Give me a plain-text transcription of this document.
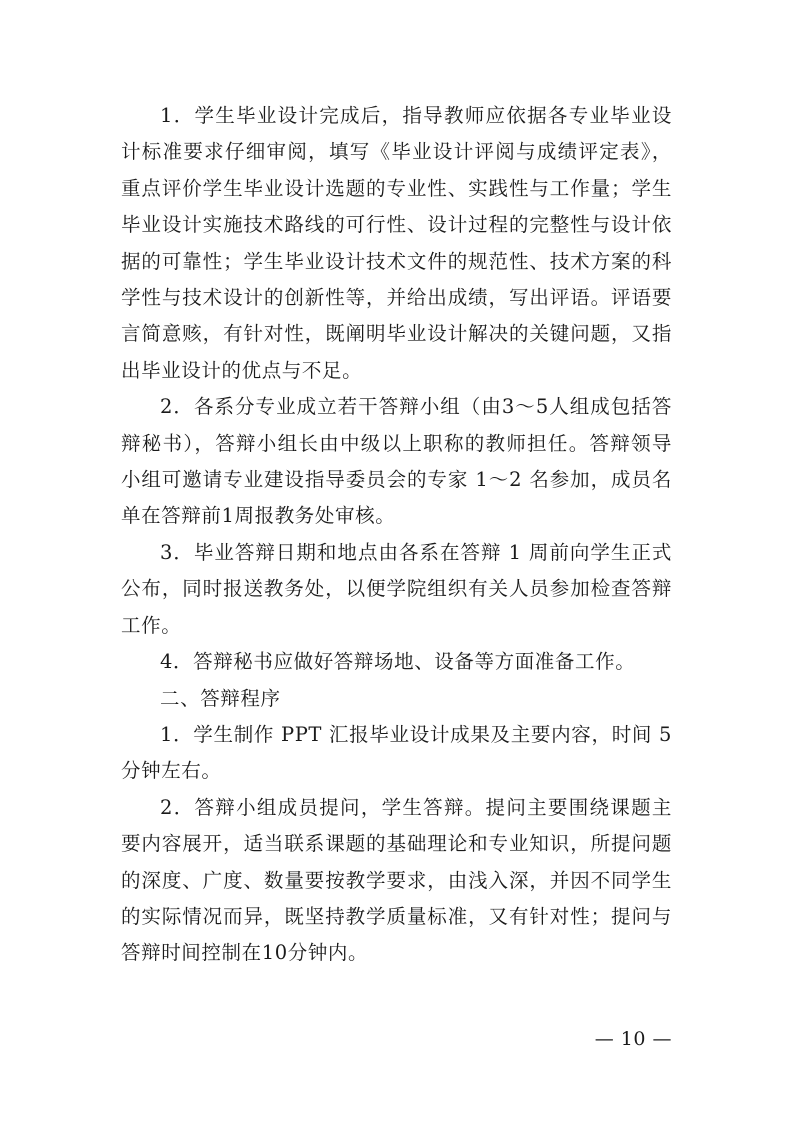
1．学生毕业设计完成后，指导教师应依据各专业毕业设计标准要求仔细审阅，填写《毕业设计评阅与成绩评定表》，重点评价学生毕业设计选题的专业性、实践性与工作量；学生毕业设计实施技术路线的可行性、设计过程的完整性与设计依据的可靠性；学生毕业设计技术文件的规范性、技术方案的科学性与技术设计的创新性等，并给出成绩，写出评语。评语要言简意赅，有针对性，既阐明毕业设计解决的关键问题，又指出毕业设计的优点与不足。

2．各系分专业成立若干答辩小组（由3～5人组成包括答辩秘书），答辩小组长由中级以上职称的教师担任。答辩领导小组可邀请专业建设指导委员会的专家 1～2 名参加，成员名单在答辩前1周报教务处审核。

3．毕业答辩日期和地点由各系在答辩 1 周前向学生正式公布，同时报送教务处，以便学院组织有关人员参加检查答辩工作。

4．答辩秘书应做好答辩场地、设备等方面准备工作。

二、答辩程序

1．学生制作 PPT 汇报毕业设计成果及主要内容，时间 5 分钟左右。

2．答辩小组成员提问，学生答辩。提问主要围绕课题主要内容展开，适当联系课题的基础理论和专业知识，所提问题的深度、广度、数量要按教学要求，由浅入深，并因不同学生的实际情况而异，既坚持教学质量标准，又有针对性；提问与答辩时间控制在10分钟内。

— 10 —
